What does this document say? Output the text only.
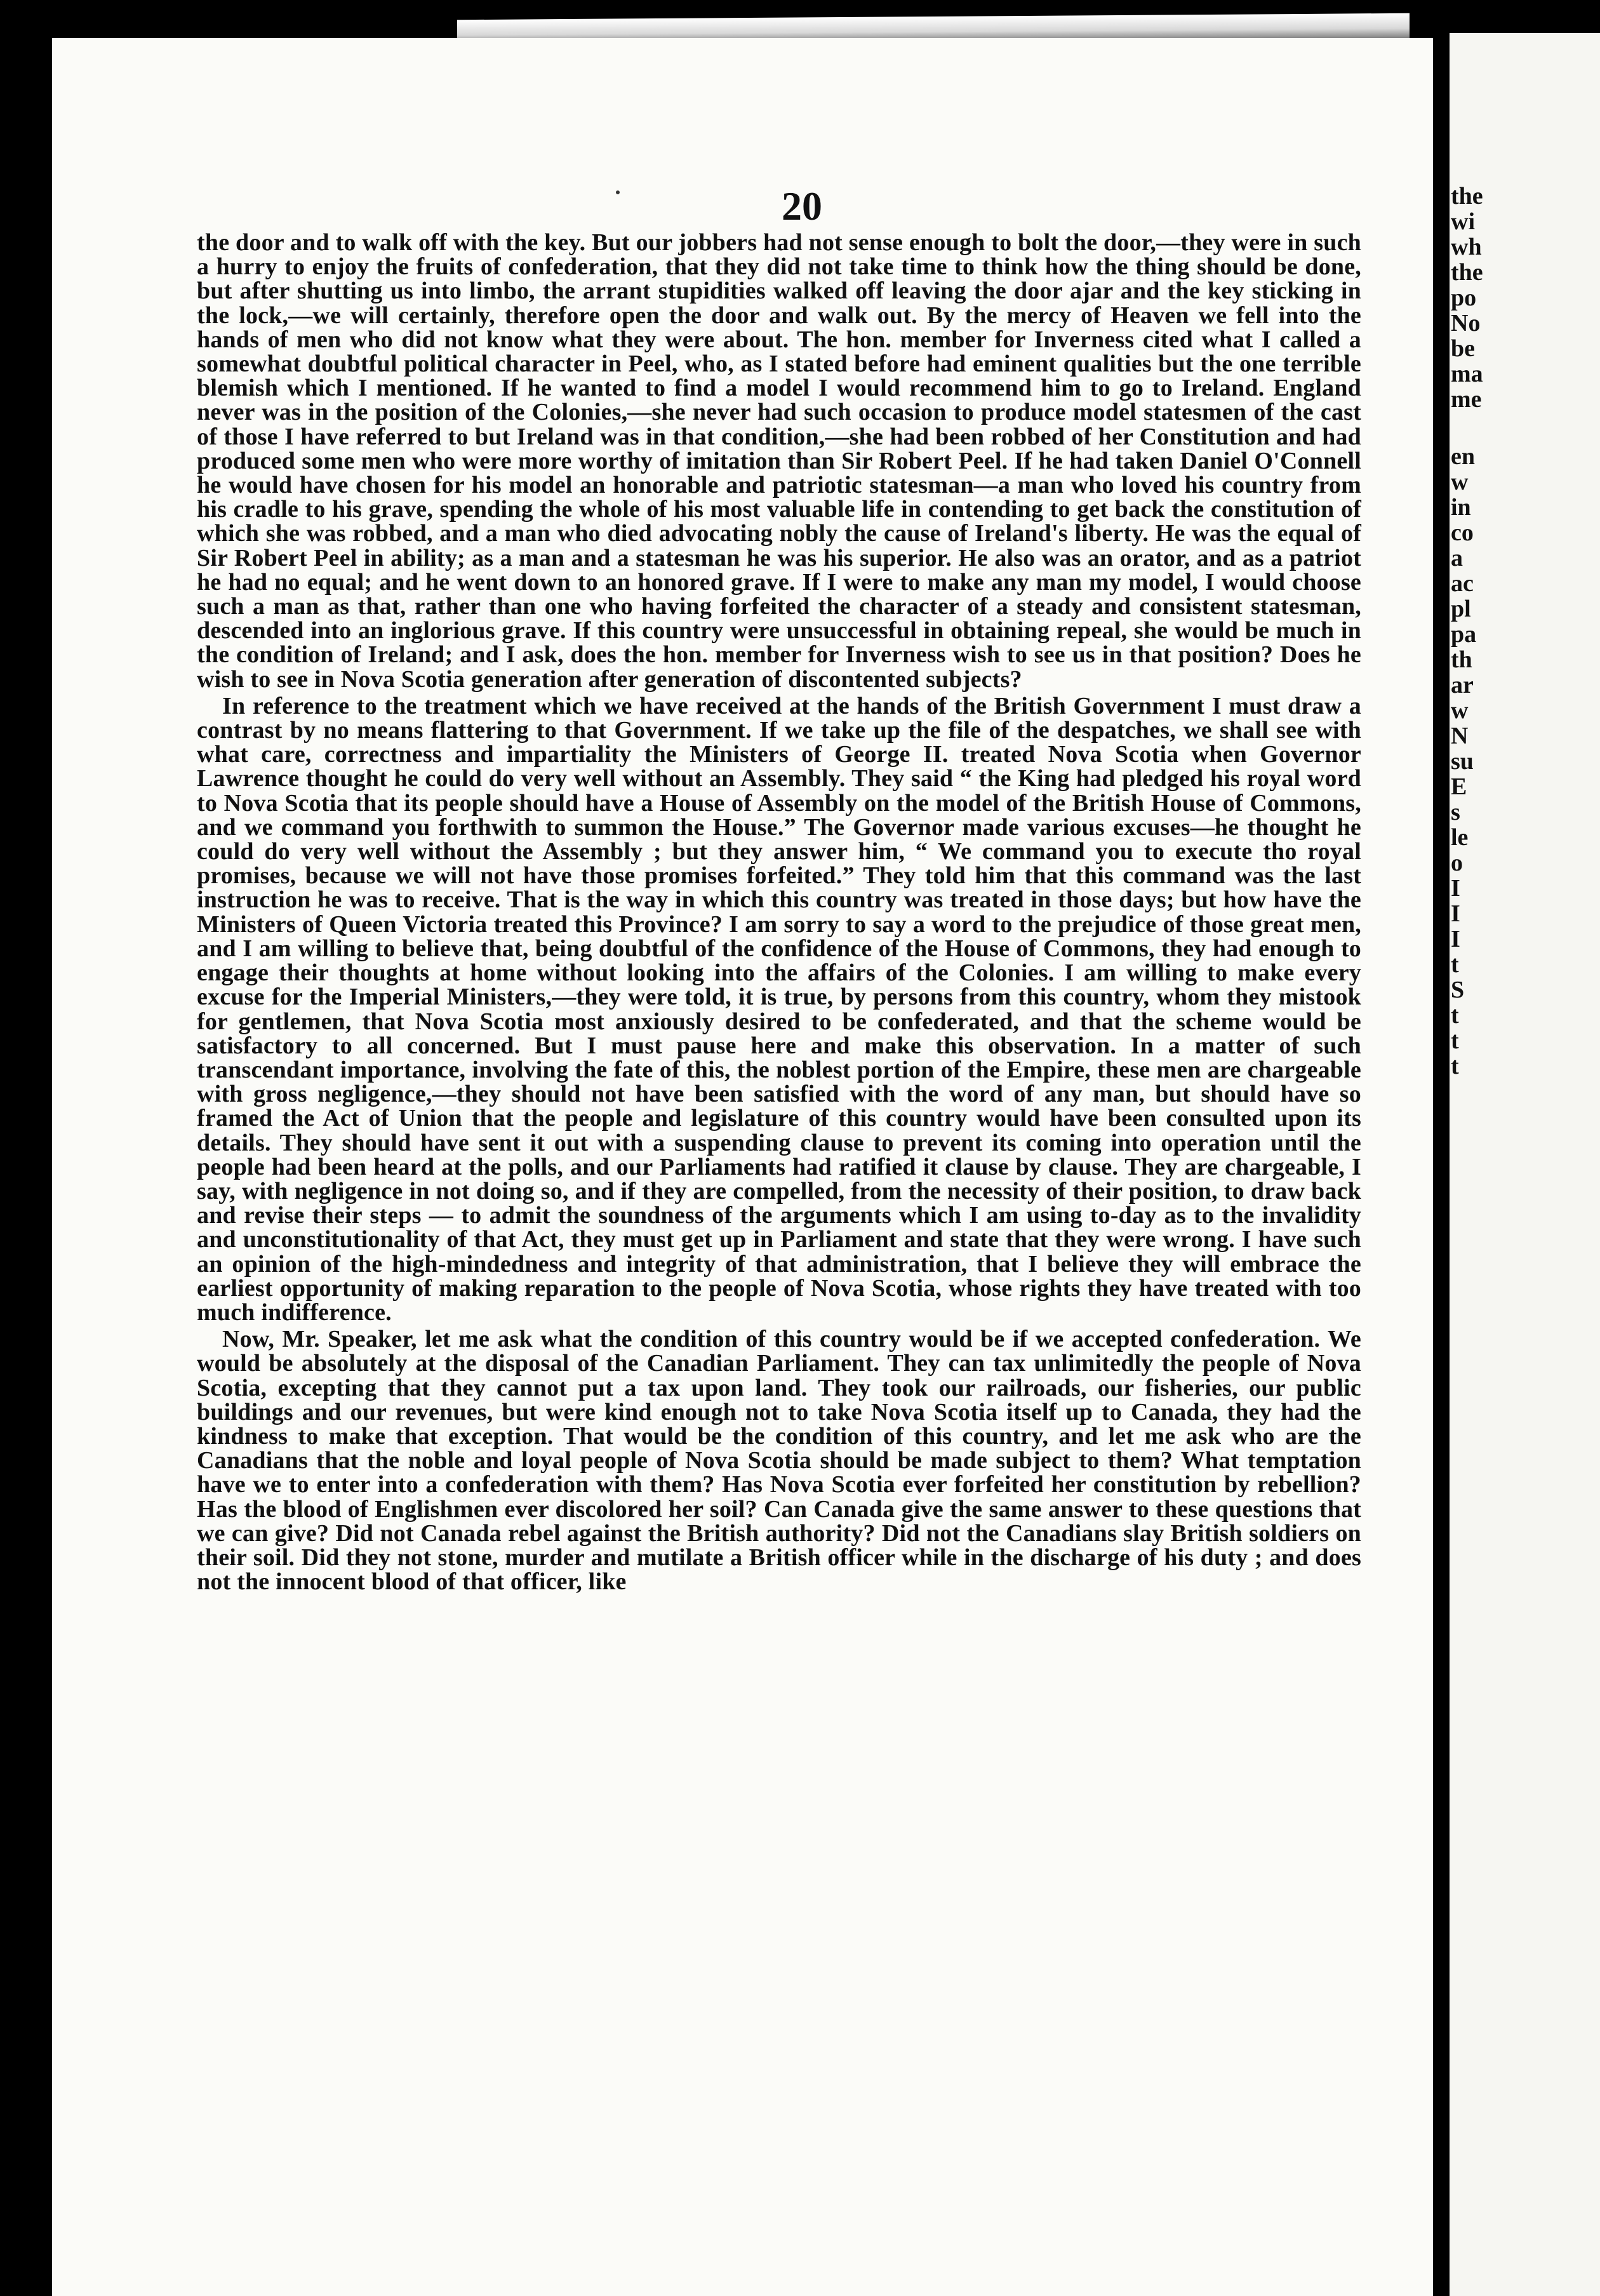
20

the door and to walk off with the key. But our jobbers had not sense enough to bolt the door,—they were in such a hurry to enjoy the fruits of confederation, that they did not take time to think how the thing should be done, but after shutting us into limbo, the arrant stupidities walked off leaving the door ajar and the key sticking in the lock,—we will certainly, therefore open the door and walk out. By the mercy of Heaven we fell into the hands of men who did not know what they were about. The hon. member for Inverness cited what I called a somewhat doubtful political character in Peel, who, as I stated before had eminent qualities but the one terrible blemish which I mentioned. If he wanted to find a model I would recommend him to go to Ireland. England never was in the position of the Colonies,—she never had such occasion to produce model statesmen of the cast of those I have referred to but Ireland was in that condition,—she had been robbed of her Constitution and had produced some men who were more worthy of imitation than Sir Robert Peel. If he had taken Daniel O'Connell he would have chosen for his model an honorable and patriotic statesman—a man who loved his country from his cradle to his grave, spending the whole of his most valuable life in contending to get back the constitution of which she was robbed, and a man who died advocating nobly the cause of Ireland's liberty. He was the equal of Sir Robert Peel in ability; as a man and a statesman he was his superior. He also was an orator, and as a patriot he had no equal; and he went down to an honored grave. If I were to make any man my model, I would choose such a man as that, rather than one who having forfeited the character of a steady and consistent statesman, descended into an inglorious grave. If this country were unsuccessful in obtaining repeal, she would be much in the condition of Ireland; and I ask, does the hon. member for Inverness wish to see us in that position? Does he wish to see in Nova Scotia generation after generation of discontented subjects?

In reference to the treatment which we have received at the hands of the British Government I must draw a contrast by no means flattering to that Government. If we take up the file of the despatches, we shall see with what care, correctness and impartiality the Ministers of George II. treated Nova Scotia when Governor Lawrence thought he could do very well without an Assembly. They said “ the King had pledged his royal word to Nova Scotia that its people should have a House of Assembly on the model of the British House of Commons, and we command you forthwith to summon the House.” The Governor made various excuses—he thought he could do very well without the Assembly ; but they answer him, “ We command you to execute tho royal promises, because we will not have those promises forfeited.” They told him that this command was the last instruction he was to receive. That is the way in which this country was treated in those days; but how have the Ministers of Queen Victoria treated this Province? I am sorry to say a word to the prejudice of those great men, and I am willing to believe that, being doubtful of the confidence of the House of Commons, they had enough to engage their thoughts at home without looking into the affairs of the Colonies. I am willing to make every excuse for the Imperial Ministers,—they were told, it is true, by persons from this country, whom they mistook for gentlemen, that Nova Scotia most anxiously desired to be confederated, and that the scheme would be satisfactory to all concerned. But I must pause here and make this observation. In a matter of such transcendant importance, involving the fate of this, the noblest portion of the Empire, these men are chargeable with gross negligence,—they should not have been satisfied with the word of any man, but should have so framed the Act of Union that the people and legislature of this country would have been consulted upon its details. They should have sent it out with a suspending clause to prevent its coming into operation until the people had been heard at the polls, and our Parliaments had ratified it clause by clause. They are chargeable, I say, with negligence in not doing so, and if they are compelled, from the necessity of their position, to draw back and revise their steps — to admit the soundness of the arguments which I am using to-day as to the invalidity and unconstitutionality of that Act, they must get up in Parliament and state that they were wrong. I have such an opinion of the high-mindedness and integrity of that administration, that I believe they will embrace the earliest opportunity of making reparation to the people of Nova Scotia, whose rights they have treated with too much indifference.

Now, Mr. Speaker, let me ask what the condition of this country would be if we accepted confederation. We would be absolutely at the disposal of the Canadian Parliament. They can tax unlimitedly the people of Nova Scotia, excepting that they cannot put a tax upon land. They took our railroads, our fisheries, our public buildings and our revenues, but were kind enough not to take Nova Scotia itself up to Canada, they had the kindness to make that exception. That would be the condition of this country, and let me ask who are the Canadians that the noble and loyal people of Nova Scotia should be made subject to them? What temptation have we to enter into a confederation with them? Has Nova Scotia ever forfeited her constitution by rebellion? Has the blood of Englishmen ever discolored her soil? Can Canada give the same answer to these questions that we can give? Did not Canada rebel against the British authority? Did not the Canadians slay British soldiers on their soil. Did they not stone, murder and mutilate a British officer while in the discharge of his duty ; and does not the innocent blood of that officer, like

the
wi
wh
the
po
No
be
ma
me
en
w
in
co
a
ac
pl
pa
th
ar
w
N
su
E
s
le
o
I
I
I
t
S
t
t
t
